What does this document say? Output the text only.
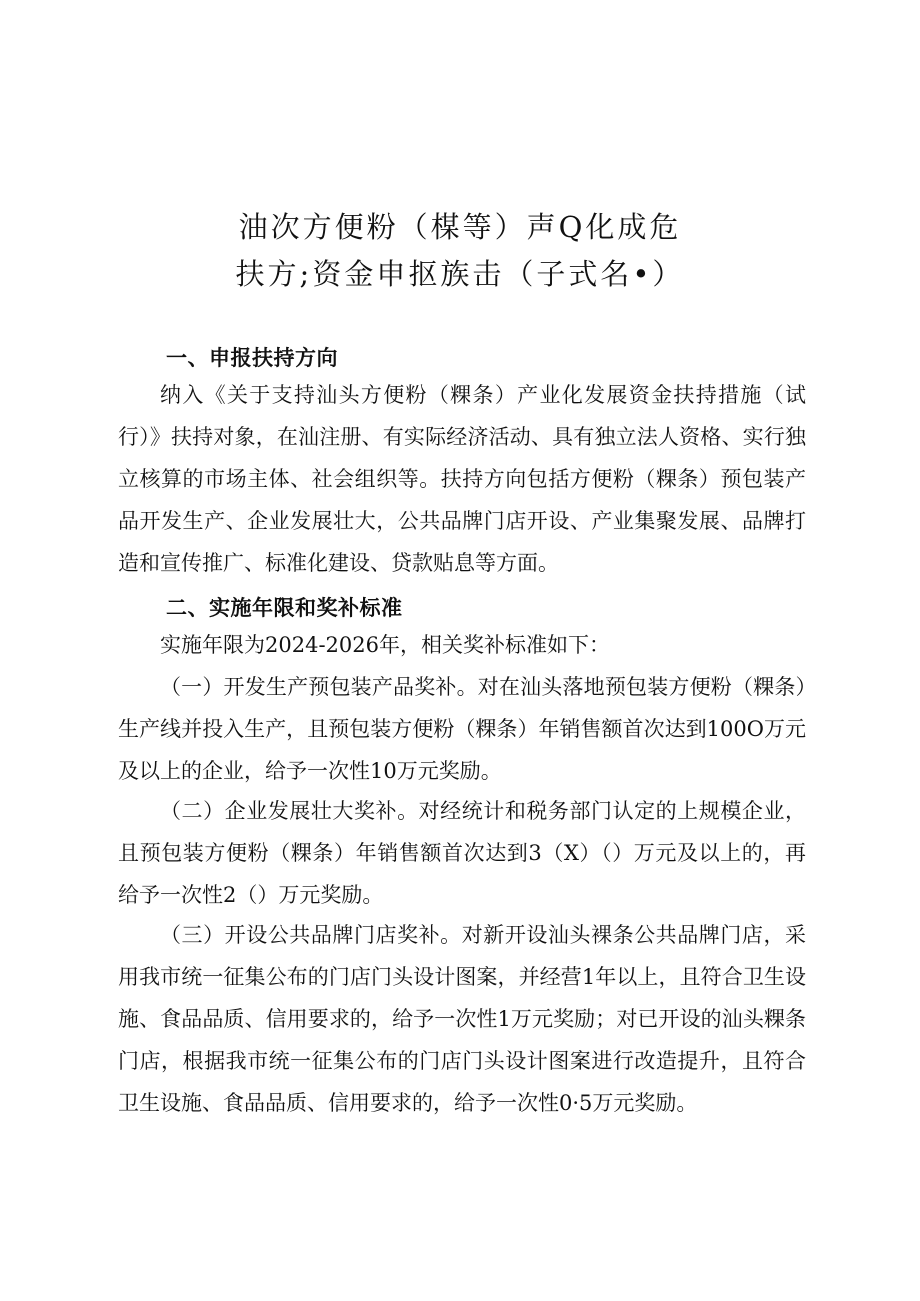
油次方便粉（楳等）声Q化成危
扶方;资金申抠族击（子式名•）
一、申报扶持方向
纳入《关于支持汕头方便粉（粿条）产业化发展资金扶持措施（试行）》扶持对象，在汕注册、有实际经济活动、具有独立法人资格、实行独立核算的市场主体、社会组织等。扶持方向包括方便粉（粿条）预包装产品开发生产、企业发展壮大，公共品牌门店开设、产业集聚发展、品牌打造和宣传推广、标准化建设、贷款贴息等方面。
二、实施年限和奖补标准
实施年限为2024-2026年，相关奖补标准如下：
（一）开发生产预包装产品奖补。对在汕头落地预包装方便粉（粿条）生产线并投入生产，且预包装方便粉（粿条）年销售额首次达到100O万元及以上的企业，给予一次性10万元奖励。
（二）企业发展壮大奖补。对经统计和税务部门认定的上规模企业，且预包装方便粉（粿条）年销售额首次达到3（X）（）万元及以上的，再给予一次性2（）万元奖励。
（三）开设公共品牌门店奖补。对新开设汕头裸条公共品牌门店，采用我市统一征集公布的门店门头设计图案，并经营1年以上，且符合卫生设施、食品品质、信用要求的，给予一次性1万元奖励；对已开设的汕头粿条门店，根据我市统一征集公布的门店门头设计图案进行改造提升，且符合卫生设施、食品品质、信用要求的，给予一次性0·5万元奖励。
